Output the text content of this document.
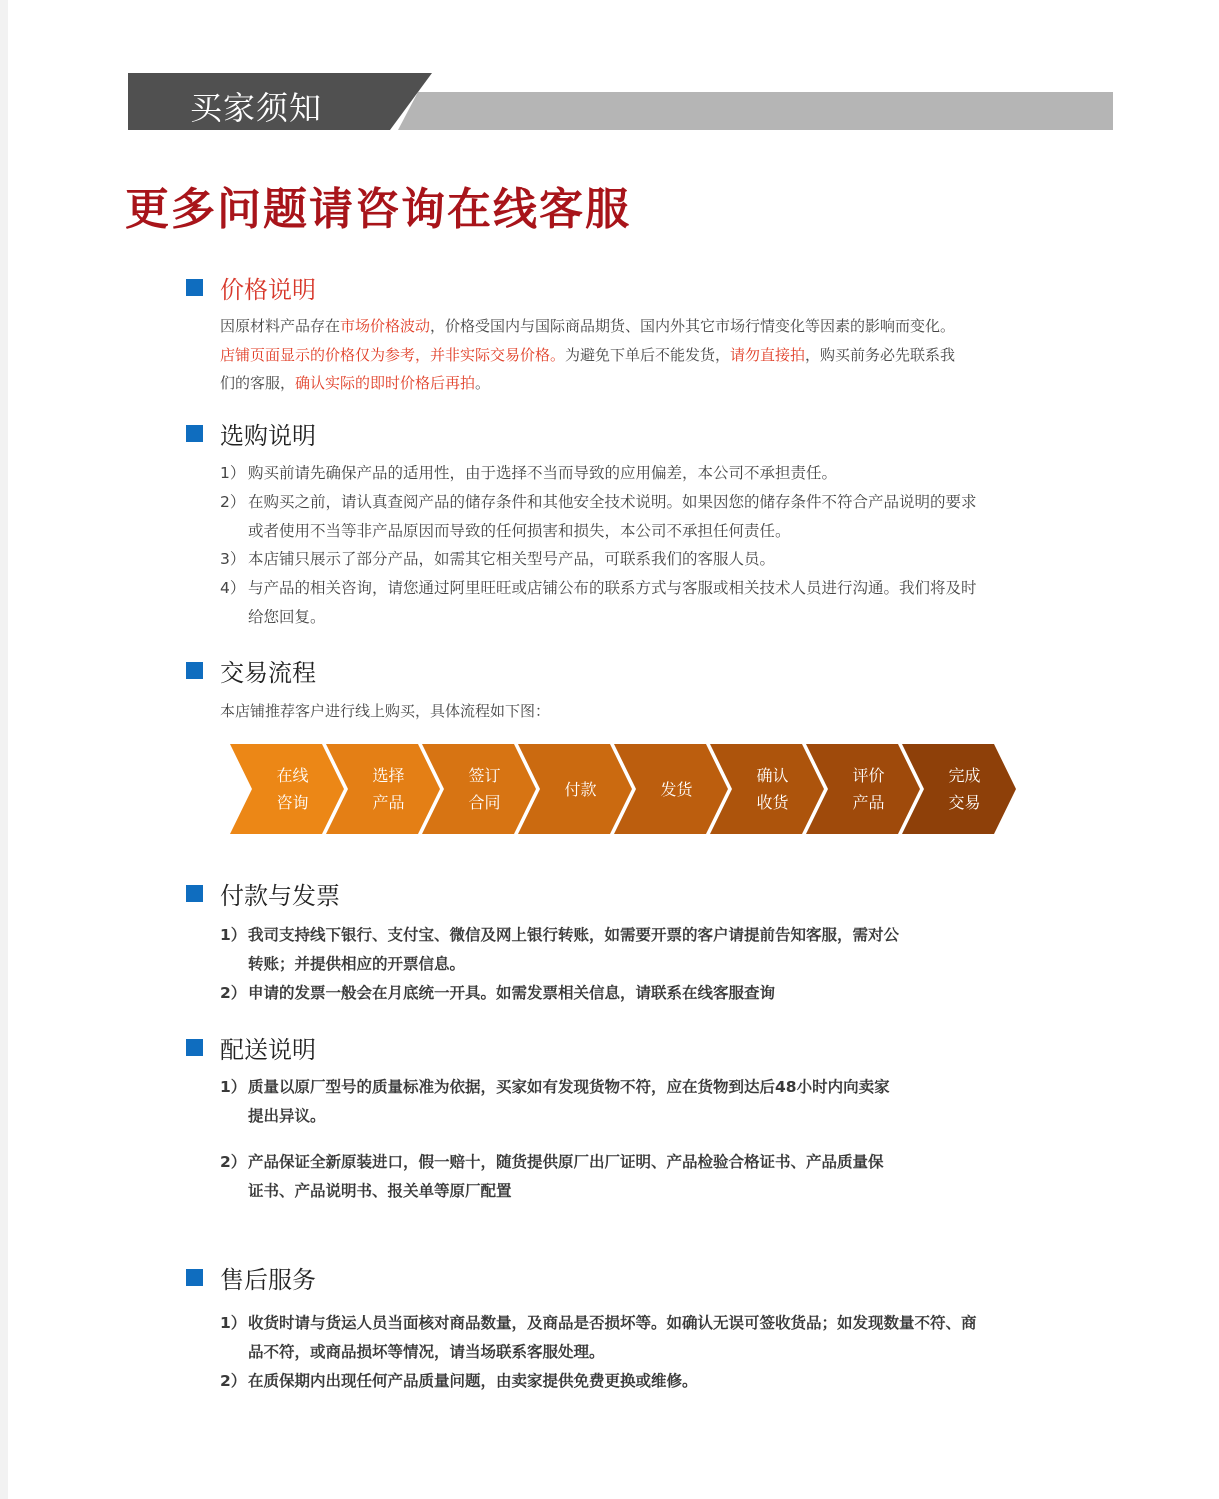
买家须知
更多问题请咨询在线客服
价格说明
因原材料产品存在市场价格波动，价格受国内与国际商品期货、国内外其它市场行情变化等因素的影响而变化。
店铺页面显示的价格仅为参考，并非实际交易价格。为避免下单后不能发货，请勿直接拍，购买前务必先联系我
们的客服，确认实际的即时价格后再拍。
选购说明
1） 购买前请先确保产品的适用性，由于选择不当而导致的应用偏差，本公司不承担责任。
2） 在购买之前，请认真查阅产品的储存条件和其他安全技术说明。如果因您的储存条件不符合产品说明的要求
或者使用不当等非产品原因而导致的任何损害和损失，本公司不承担任何责任。
3） 本店铺只展示了部分产品，如需其它相关型号产品，可联系我们的客服人员。
4） 与产品的相关咨询，请您通过阿里旺旺或店铺公布的联系方式与客服或相关技术人员进行沟通。我们将及时
给您回复。
交易流程
本店铺推荐客户进行线上购买，具体流程如下图：
在线
咨询
选择
产品
签订
合同
付款	发货
确认
收货
评价
产品
完成
交易
付款与发票
1） 我司支持线下银行、支付宝、微信及网上银行转账，如需要开票的客户请提前告知客服，需对公
转账；并提供相应的开票信息。
2） 申请的发票一般会在月底统一开具。如需发票相关信息，请联系在线客服查询
配送说明
1） 质量以原厂型号的质量标准为依据，买家如有发现货物不符，应在货物到达后48小时内向卖家
提出异议。
2） 产品保证全新原装进口，假一赔十，随货提供原厂出厂证明、产品检验合格证书、产品质量保
证书、产品说明书、报关单等原厂配置
售后服务
1） 收货时请与货运人员当面核对商品数量，及商品是否损坏等。如确认无误可签收货品；如发现数量不符、商
品不符，或商品损坏等情况，请当场联系客服处理。
2） 在质保期内出现任何产品质量问题，由卖家提供免费更换或维修。
